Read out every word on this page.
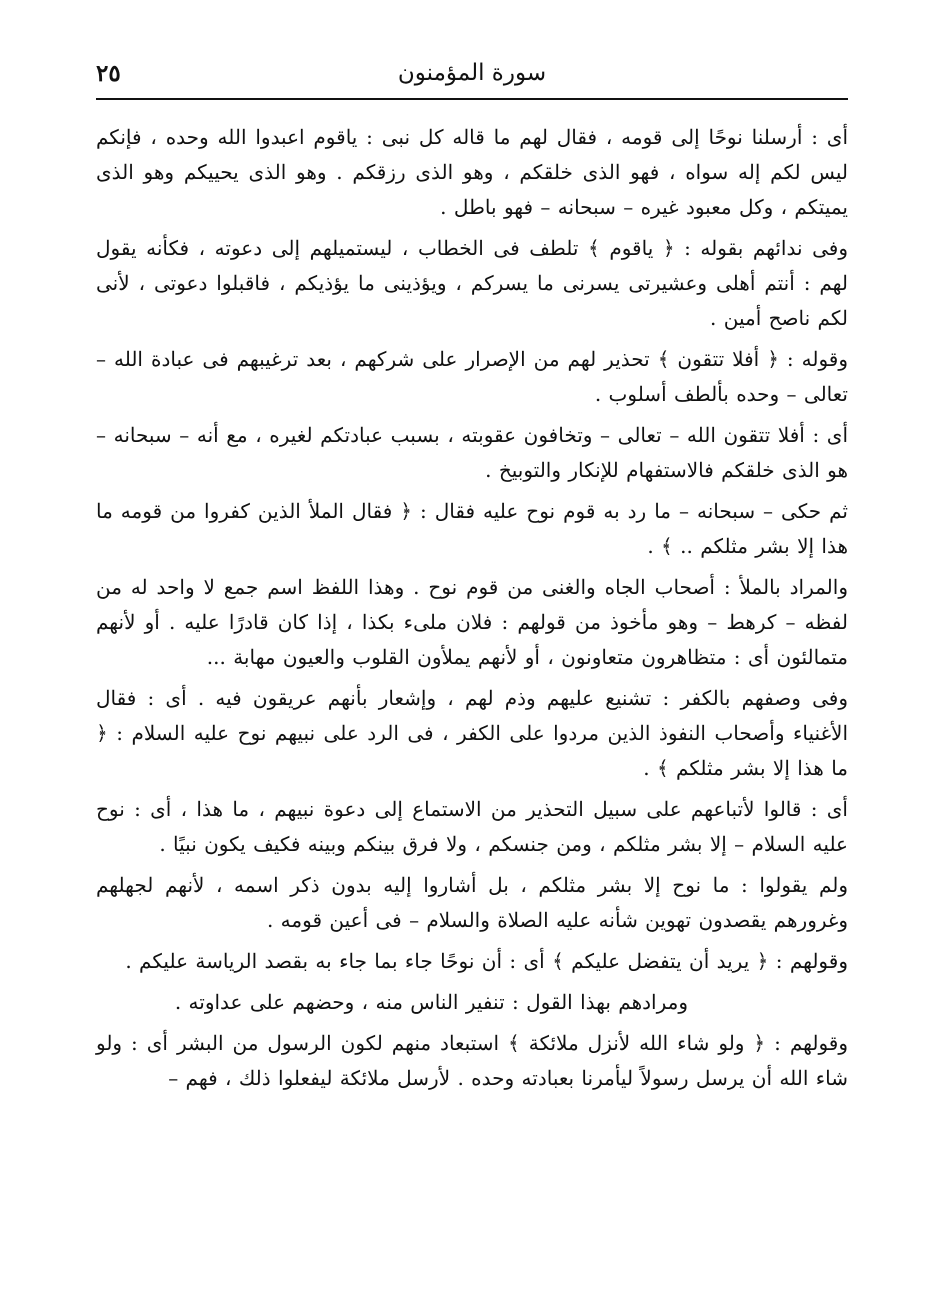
سورة المؤمنون
٢٥

أى : أرسلنا نوحًا إلى قومه ، فقال لهم ما قاله كل نبى : ياقوم اعبدوا الله وحده ، فإنكم ليس لكم إله سواه ، فهو الذى خلقكم ، وهو الذى رزقكم . وهو الذى يحييكم وهو الذى يميتكم ، وكل معبود غيره – سبحانه – فهو باطل .

وفى ندائهم بقوله : ﴿ ياقوم ﴾ تلطف فى الخطاب ، ليستميلهم إلى دعوته ، فكأنه يقول لهم : أنتم أهلى وعشيرتى يسرنى ما يسركم ، ويؤذينى ما يؤذيكم ، فاقبلوا دعوتى ، لأنى لكم ناصح أمين .

وقوله : ﴿ أفلا تتقون ﴾ تحذير لهم من الإصرار على شركهم ، بعد ترغيبهم فى عبادة الله – تعالى – وحده بألطف أسلوب .

أى : أفلا تتقون الله – تعالى – وتخافون عقوبته ، بسبب عبادتكم لغيره ، مع أنه – سبحانه – هو الذى خلقكم فالاستفهام للإنكار والتوبيخ .

ثم حكى – سبحانه – ما رد به قوم نوح عليه فقال : ﴿ فقال الملأ الذين كفروا من قومه ما هذا إلا بشر مثلكم .. ﴾ .

والمراد بالملأ : أصحاب الجاه والغنى من قوم نوح . وهذا اللفظ اسم جمع لا واحد له من لفظه – كرهط – وهو مأخوذ من قولهم : فلان ملىء بكذا ، إذا كان قادرًا عليه . أو لأنهم متمالئون أى : متظاهرون متعاونون ، أو لأنهم يملأون القلوب والعيون مهابة ...

وفى وصفهم بالكفر : تشنيع عليهم وذم لهم ، وإشعار بأنهم عريقون فيه . أى : فقال الأغنياء وأصحاب النفوذ الذين مردوا على الكفر ، فى الرد على نبيهم نوح عليه السلام : ﴿ ما هذا إلا بشر مثلكم ﴾ .

أى : قالوا لأتباعهم على سبيل التحذير من الاستماع إلى دعوة نبيهم ، ما هذا ، أى : نوح عليه السلام – إلا بشر مثلكم ، ومن جنسكم ، ولا فرق بينكم وبينه فكيف يكون نبيًا .

ولم يقولوا : ما نوح إلا بشر مثلكم ، بل أشاروا إليه بدون ذكر اسمه ، لأنهم لجهلهم وغرورهم يقصدون تهوين شأنه عليه الصلاة والسلام – فى أعين قومه .

وقولهم : ﴿ يريد أن يتفضل عليكم ﴾ أى : أن نوحًا جاء بما جاء به بقصد الرياسة عليكم .

ومرادهم بهذا القول : تنفير الناس منه ، وحضهم على عداوته .

وقولهم : ﴿ ولو شاء الله لأنزل ملائكة ﴾ استبعاد منهم لكون الرسول من البشر أى : ولو شاء الله أن يرسل رسولاً ليأمرنا بعبادته وحده . لأرسل ملائكة ليفعلوا ذلك ، فهم –
